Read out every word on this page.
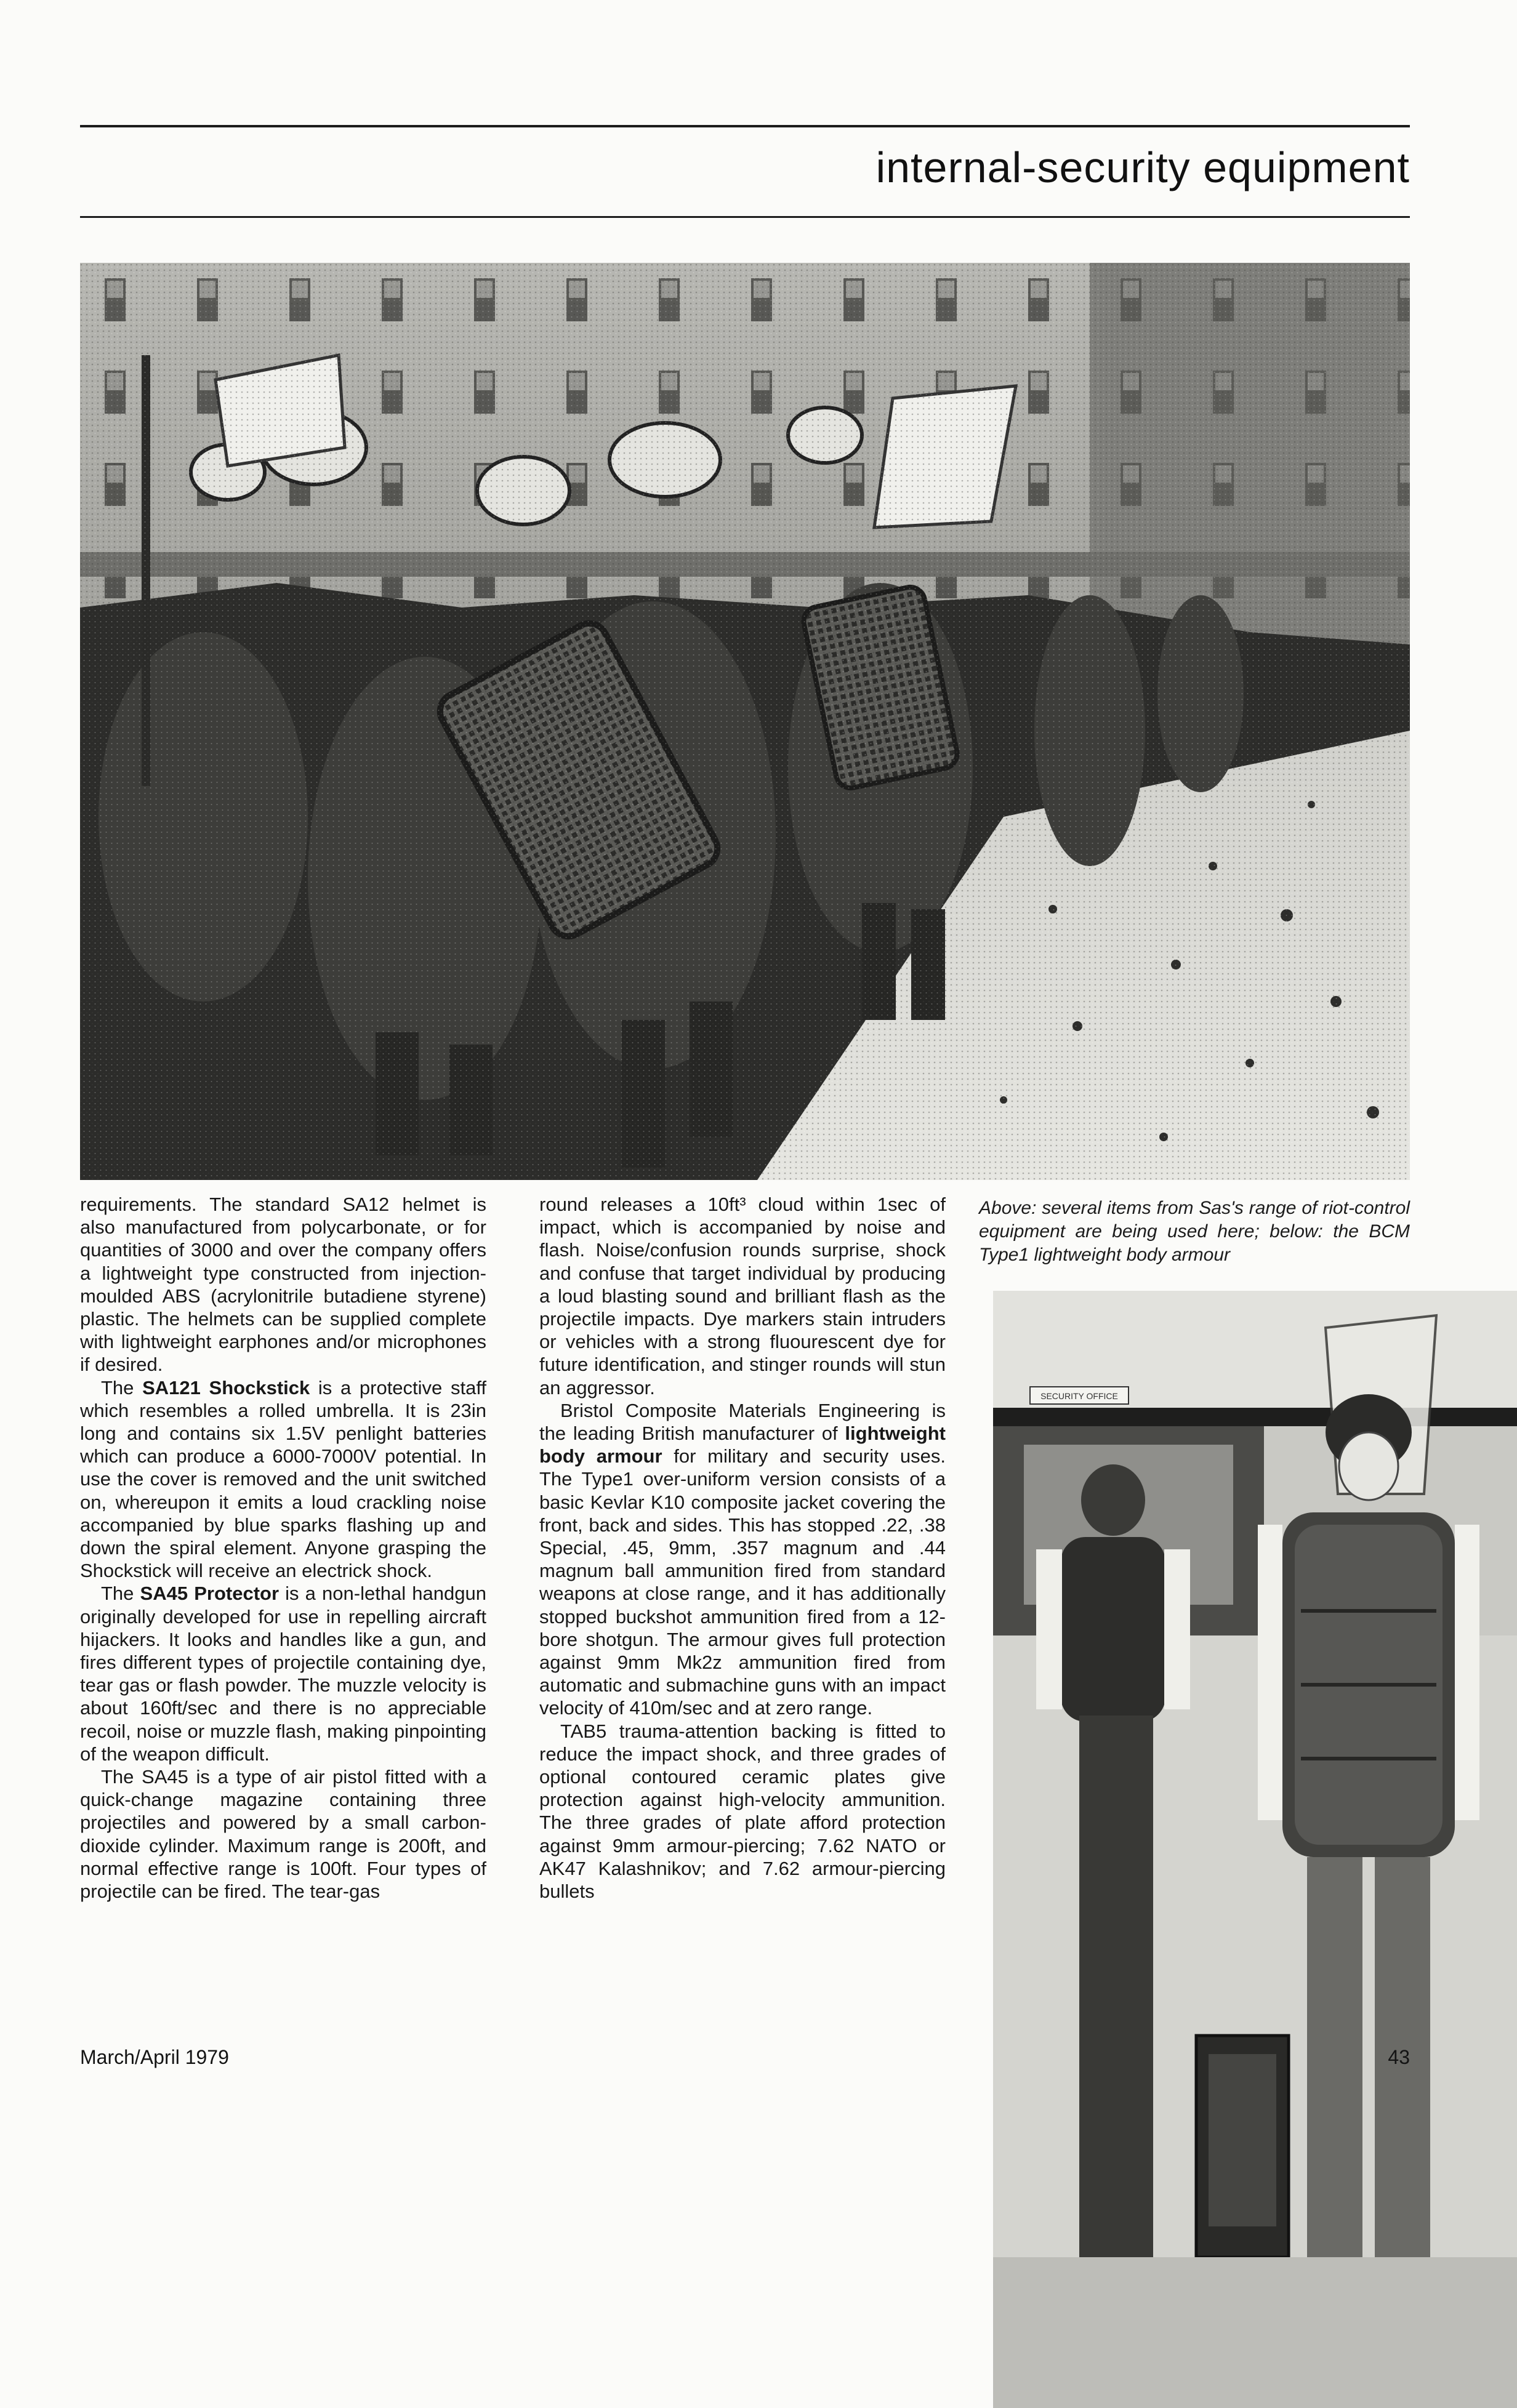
internal-security equipment

requirements. The standard SA12 helmet is also manufactured from polycarbonate, or for quantities of 3000 and over the company offers a lightweight type constructed from injection-moulded ABS (acrylonitrile butadiene styrene) plastic. The helmets can be supplied complete with lightweight earphones and/or microphones if desired.

The SA121 Shockstick is a protective staff which resembles a rolled umbrella. It is 23in long and contains six 1.5V penlight batteries which can produce a 6000-7000V potential. In use the cover is removed and the unit switched on, whereupon it emits a loud crackling noise accompanied by blue sparks flashing up and down the spiral element. Anyone grasping the Shockstick will receive an electrick shock.

The SA45 Protector is a non-lethal handgun originally developed for use in repelling aircraft hijackers. It looks and handles like a gun, and fires different types of projectile containing dye, tear gas or flash powder. The muzzle velocity is about 160ft/sec and there is no appreciable recoil, noise or muzzle flash, making pinpointing of the weapon difficult.

The SA45 is a type of air pistol fitted with a quick-change magazine containing three projectiles and powered by a small carbon-dioxide cylinder. Maximum range is 200ft, and normal effective range is 100ft. Four types of projectile can be fired. The tear-gas

round releases a 10ft³ cloud within 1sec of impact, which is accompanied by noise and flash. Noise/confusion rounds surprise, shock and confuse that target individual by producing a loud blasting sound and brilliant flash as the projectile impacts. Dye markers stain intruders or vehicles with a strong fluourescent dye for future identification, and stinger rounds will stun an aggressor.

Bristol Composite Materials Engineering is the leading British manufacturer of lightweight body armour for military and security uses. The Type1 over-uniform version consists of a basic Kevlar K10 composite jacket covering the front, back and sides. This has stopped .22, .38 Special, .45, 9mm, .357 magnum and .44 magnum ball ammunition fired from standard weapons at close range, and it has additionally stopped buckshot ammunition fired from a 12-bore shotgun. The armour gives full protection against 9mm Mk2z ammunition fired from automatic and submachine guns with an impact velocity of 410m/sec and at zero range.

TAB5 trauma-attention backing is fitted to reduce the impact shock, and three grades of optional contoured ceramic plates give protection against high-velocity ammunition. The three grades of plate afford protection against 9mm armour-piercing; 7.62 NATO or AK47 Kalashnikov; and 7.62 armour-piercing bullets

Above: several items from Sas's range of riot-control equipment are being used here; below: the BCM Type1 lightweight body armour
SECURITY OFFICE
March/April 1979	43
